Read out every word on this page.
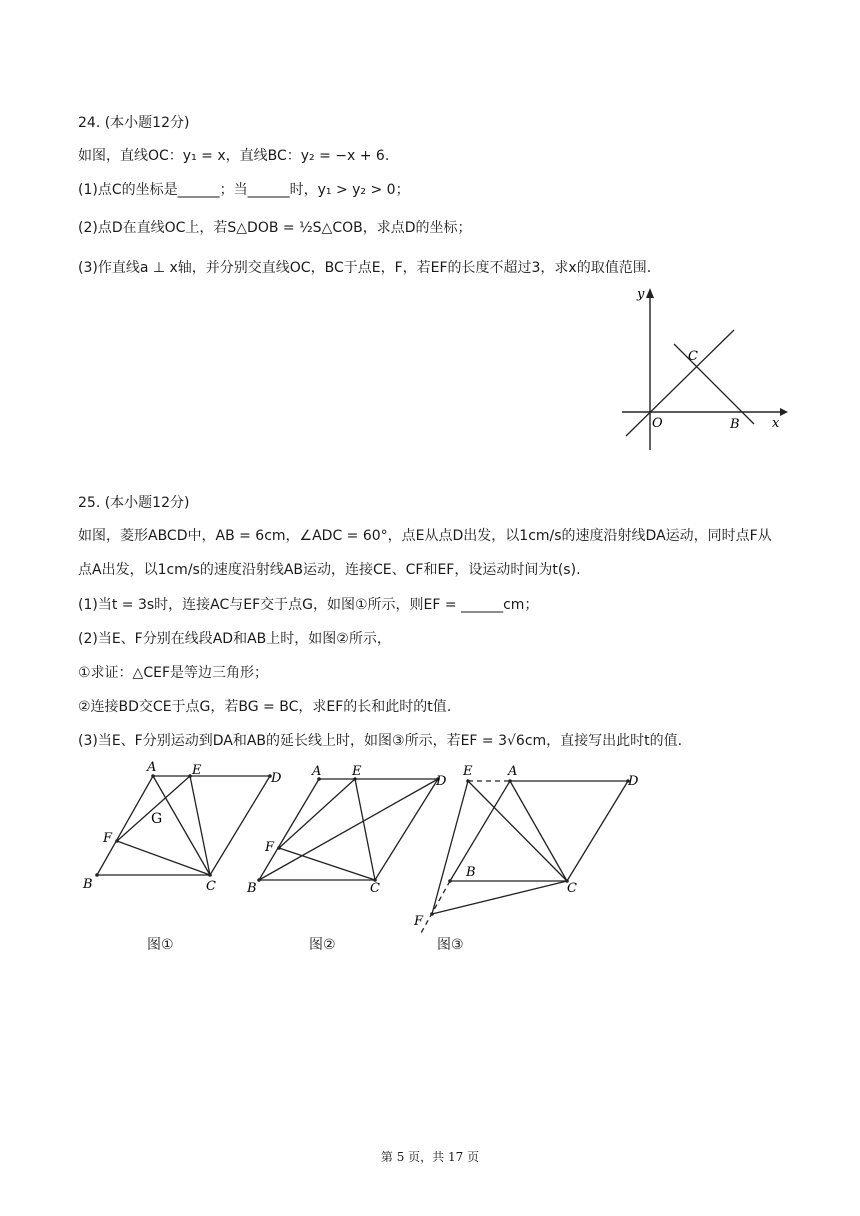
24. (本小题12分)
如图，直线OC：y₁ = x，直线BC：y₂ = −x + 6.
(1)点C的坐标是______；当______时，y₁ > y₂ > 0；
(2)点D在直线OC上，若S△DOB = ½S△COB，求点D的坐标；
(3)作直线a ⊥ x轴，并分别交直线OC，BC于点E，F，若EF的长度不超过3，求x的取值范围.
y
x
O	B
C
25. (本小题12分)
如图，菱形ABCD中，AB = 6cm，∠ADC = 60°，点E从点D出发，以1cm/s的速度沿射线DA运动，同时点F从
点A出发，以1cm/s的速度沿射线AB运动，连接CE、CF和EF，设运动时间为t(s).
(1)当t = 3s时，连接AC与EF交于点G，如图①所示，则EF = ______cm；
(2)当E、F分别在线段AD和AB上时，如图②所示，
①求证：△CEF是等边三角形；
②连接BD交CE于点G，若BG = BC，求EF的长和此时的t值.
(3)当E、F分别运动到DA和AB的延长线上时，如图③所示，若EF = 3√6cm，直接写出此时t的值.
A	E
D
F
G
B	C
A E
D
F
B	C
E	A
D
B
C
F
图①	图②	图③
第 5 页，共 17 页
